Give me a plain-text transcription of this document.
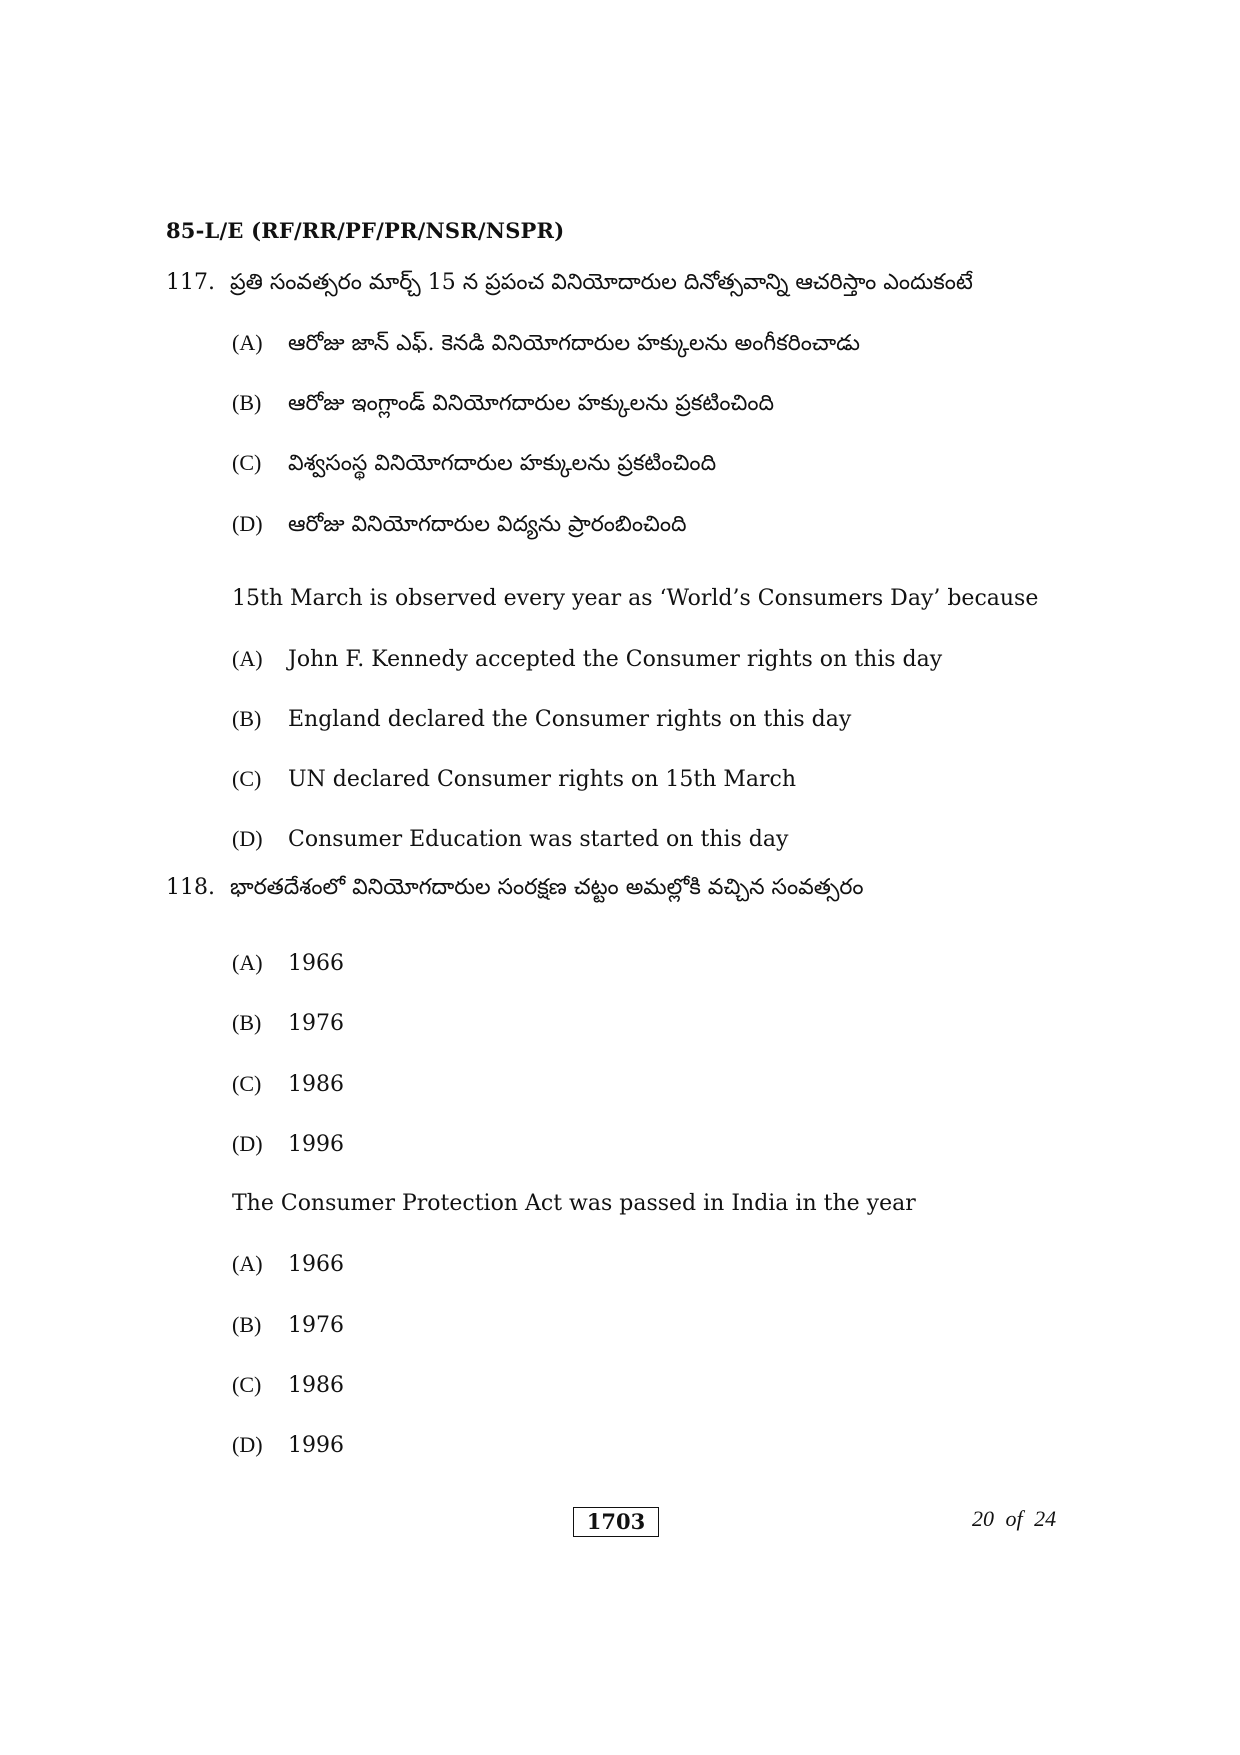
85-L/E (RF/RR/PF/PR/NSR/NSPR)
117. ప్రతి సంవత్సరం మార్చ్ 15 న ప్రపంచ వినియోదారుల దినోత్సవాన్ని ఆచరిస్తాం ఎందుకంటే
(A) ఆరోజు జాన్ ఎఫ్. కెనడి వినియోగదారుల హక్కులను అంగీకరించాడు
(B) ఆరోజు ఇంగ్లాండ్ వినియోగదారుల హక్కులను ప్రకటించింది
(C) విశ్వసంస్థ వినియోగదారుల హక్కులను ప్రకటించింది
(D) ఆరోజు వినియోగదారుల విద్యను ప్రారంబించింది
15th March is observed every year as ‘World’s Consumers Day’ because
(A) John F. Kennedy accepted the Consumer rights on this day
(B) England declared the Consumer rights on this day
(C) UN declared Consumer rights on 15th March
(D) Consumer Education was started on this day
118. భారతదేశంలో వినియోగదారుల సంరక్షణ చట్టం అమల్లోకి వచ్చిన సంవత్సరం
(A) 1966
(B) 1976
(C) 1986
(D) 1996
The Consumer Protection Act was passed in India in the year
(A) 1966
(B) 1976
(C) 1986
(D) 1996
1703	20 of 24
